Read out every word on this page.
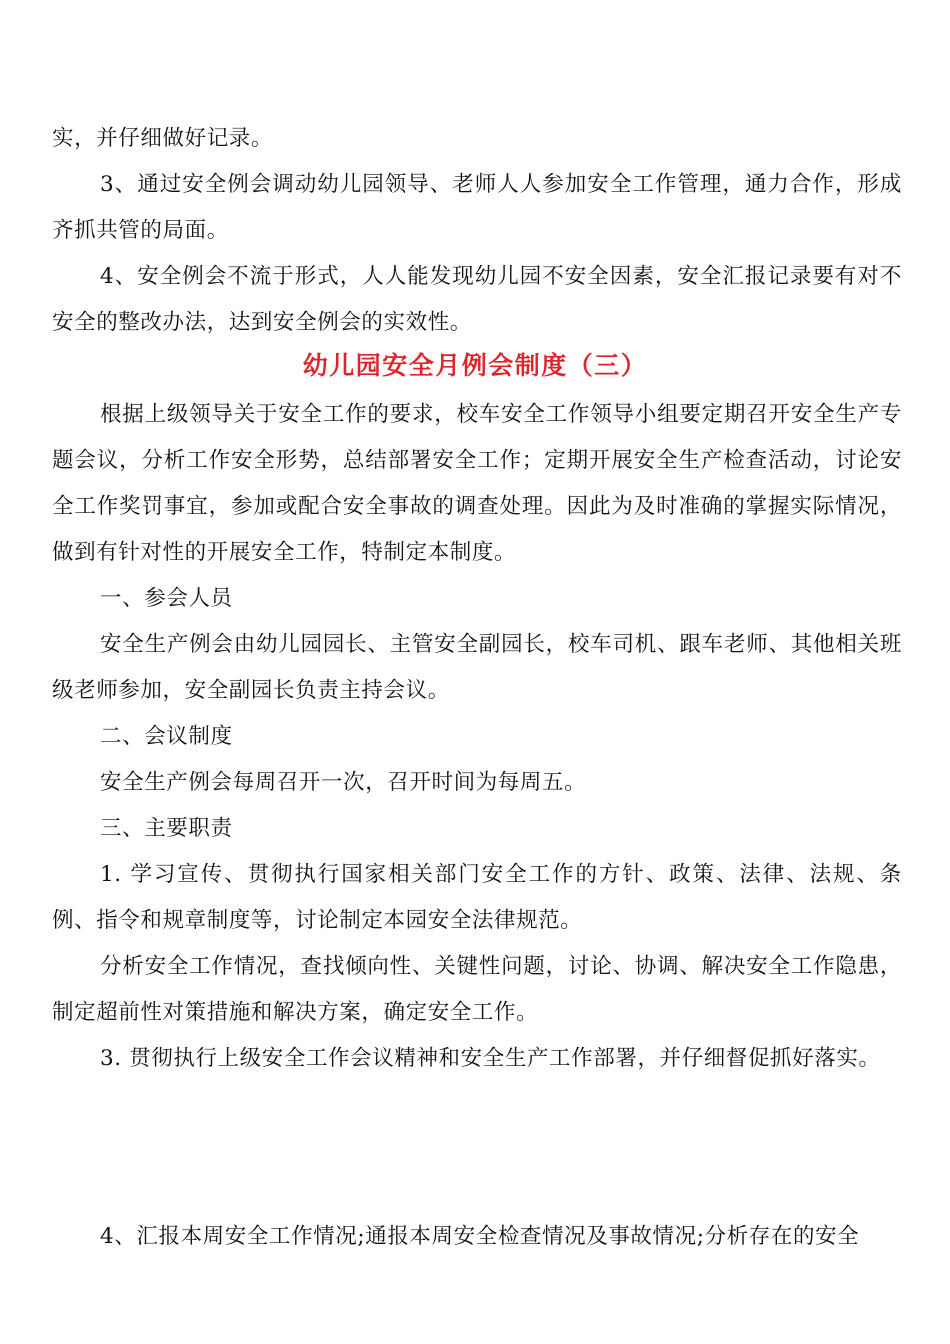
实，并仔细做好记录。

3、通过安全例会调动幼儿园领导、老师人人参加安全工作管理，通力合作，形成齐抓共管的局面。

4、安全例会不流于形式，人人能发现幼儿园不安全因素，安全汇报记录要有对不安全的整改办法，达到安全例会的实效性。

幼儿园安全月例会制度（三）

根据上级领导关于安全工作的要求，校车安全工作领导小组要定期召开安全生产专题会议，分析工作安全形势，总结部署安全工作；定期开展安全生产检查活动，讨论安全工作奖罚事宜，参加或配合安全事故的调查处理。因此为及时准确的掌握实际情况，做到有针对性的开展安全工作，特制定本制度。

一、参会人员

安全生产例会由幼儿园园长、主管安全副园长，校车司机、跟车老师、其他相关班级老师参加，安全副园长负责主持会议。

二、会议制度

安全生产例会每周召开一次，召开时间为每周五。

三、主要职责

1. 学习宣传、贯彻执行国家相关部门安全工作的方针、政策、法律、法规、条例、指令和规章制度等，讨论制定本园安全法律规范。

分析安全工作情况，查找倾向性、关键性问题，讨论、协调、解决安全工作隐患，制定超前性对策措施和解决方案，确定安全工作。

3. 贯彻执行上级安全工作会议精神和安全生产工作部署，并仔细督促抓好落实。

4、汇报本周安全工作情况;通报本周安全检查情况及事故情况;分析存在的安全
